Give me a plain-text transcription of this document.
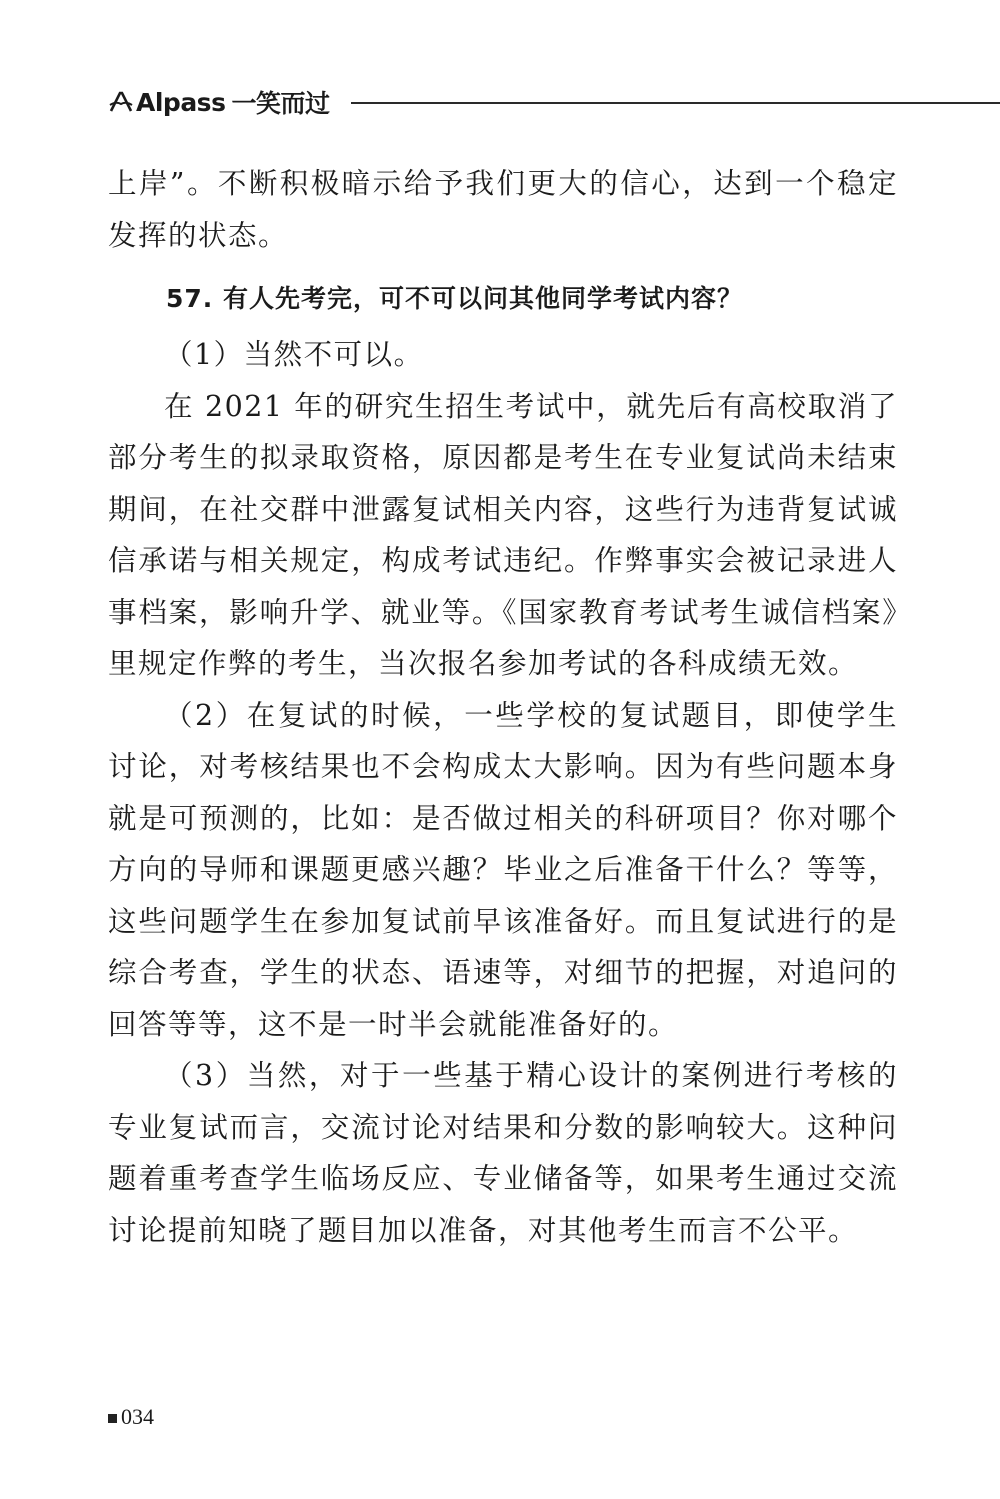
Alpass 一笑而过

上岸”。不断积极暗示给予我们更大的信心，达到一个稳定发挥的状态。

57. 有人先考完，可不可以问其他同学考试内容？

（1）当然不可以。

在 2021 年的研究生招生考试中，就先后有高校取消了部分考生的拟录取资格，原因都是考生在专业复试尚未结束期间，在社交群中泄露复试相关内容，这些行为违背复试诚信承诺与相关规定，构成考试违纪。作弊事实会被记录进人事档案，影响升学、就业等。《国家教育考试考生诚信档案》里规定作弊的考生，当次报名参加考试的各科成绩无效。

（2）在复试的时候，一些学校的复试题目，即使学生讨论，对考核结果也不会构成太大影响。因为有些问题本身就是可预测的，比如：是否做过相关的科研项目？你对哪个方向的导师和课题更感兴趣？毕业之后准备干什么？等等，这些问题学生在参加复试前早该准备好。而且复试进行的是综合考查，学生的状态、语速等，对细节的把握，对追问的回答等等，这不是一时半会就能准备好的。

（3）当然，对于一些基于精心设计的案例进行考核的专业复试而言，交流讨论对结果和分数的影响较大。这种问题着重考查学生临场反应、专业储备等，如果考生通过交流讨论提前知晓了题目加以准备，对其他考生而言不公平。

034
